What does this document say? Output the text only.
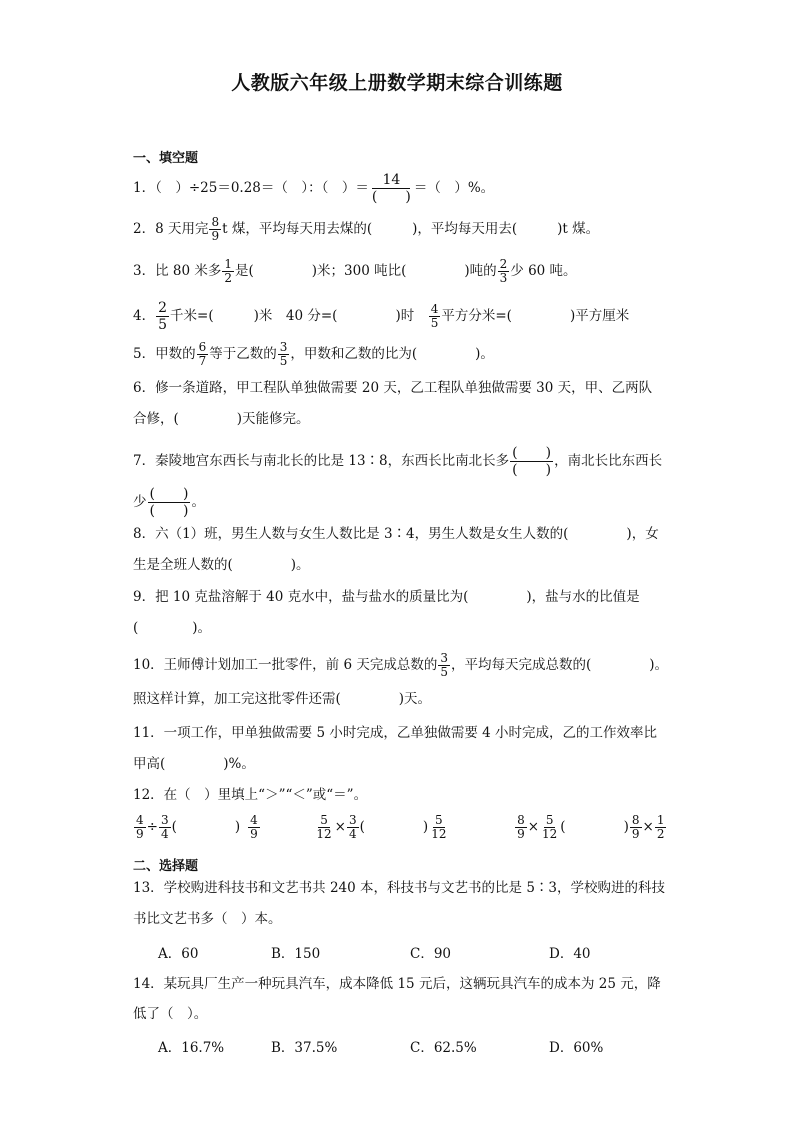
人教版六年级上册数学期末综合训练题
一、填空题
1．（　）÷25＝0.28＝（　）：（　）＝ $\frac{14}{( )}$ ＝（　）%。
2．8 天用完 $\frac{8}{9}$ t 煤，平均每天用去煤的(	)，平均每天用去(	)t 煤。
3．比 80 米多 $\frac{1}{2}$ 是(	)米；300 吨比(	)吨的 $\frac{2}{3}$ 少 60 吨。
4． $\frac{2}{5}$ 千米=(	)米　40 分=(	)时　 $\frac{4}{5}$ 平方分米=(	)平方厘米
5．甲数的 $\frac{6}{7}$ 等于乙数的 $\frac{3}{5}$ ，甲数和乙数的比为(	)。
6．修一条道路，甲工程队单独做需要 20 天，乙工程队单独做需要 30 天，甲、乙两队
合修，(	)天能修完。
7．秦陵地宫东西长与南北长的比是 13∶8，东西长比南北长多 $\frac{( )}{( )}$ ，南北长比东西长
少 $\frac{( )}{( )}$ 。
8．六（1）班，男生人数与女生人数比是 3∶4，男生人数是女生人数的(	)，女
生是全班人数的(	)。
9．把 10 克盐溶解于 40 克水中，盐与盐水的质量比为(	)，盐与水的比值是
(　　　　)。
10．王师傅计划加工一批零件，前 6 天完成总数的 $\frac{3}{5}$ ，平均每天完成总数的(	)。
照这样计算，加工完这批零件还需(	)天。
11．一项工作，甲单独做需要 5 小时完成，乙单独做需要 4 小时完成，乙的工作效率比
甲高(	)%。
12．在（　）里填上“＞”“＜”或“＝”。
$\frac{4}{9} \div \frac{3}{4}$ (	) $\frac{4}{9}$
	$\frac{5}{12} \times \frac{3}{4}$ (	) $\frac{5}{12}$
	$\frac{8}{9} \times \frac{5}{12}$ (	) $\frac{8}{9} \times \frac{1}{2}$
二、选择题
13．学校购进科技书和文艺书共 240 本，科技书与文艺书的比是 5∶3，学校购进的科技
书比文艺书多（　）本。
A．60	B．150	C．90	D．40
14．某玩具厂生产一种玩具汽车，成本降低 15 元后，这辆玩具汽车的成本为 25 元，降
低了（　）。
A．16.7%	B．37.5%	C．62.5%	D．60%
